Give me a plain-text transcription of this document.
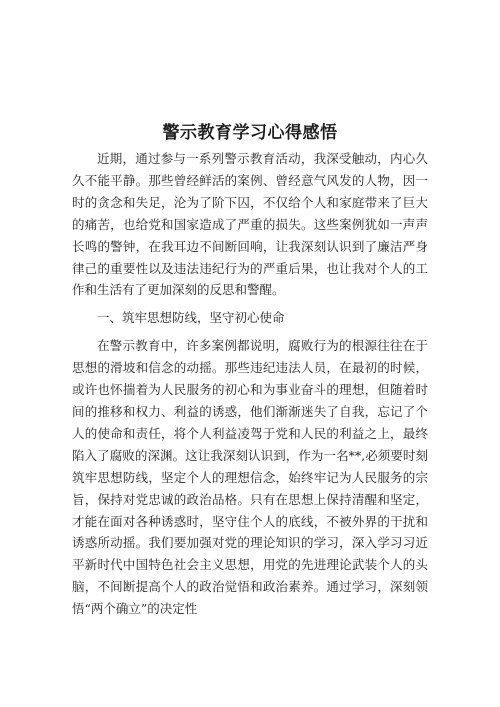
警示教育学习心得感悟

近期，通过参与一系列警示教育活动，我深受触动，内心久久不能平静。那些曾经鲜活的案例、曾经意气风发的人物，因一时的贪念和失足，沦为了阶下囚，不仅给个人和家庭带来了巨大的痛苦，也给党和国家造成了严重的损失。这些案例犹如一声声长鸣的警钟，在我耳边不间断回响，让我深刻认识到了廉洁严身律己的重要性以及违法违纪行为的严重后果，也让我对个人的工作和生活有了更加深刻的反思和警醒。

一、筑牢思想防线，坚守初心使命

在警示教育中，许多案例都说明，腐败行为的根源往往在于思想的滑坡和信念的动摇。那些违纪违法人员，在最初的时候，或许也怀揣着为人民服务的初心和为事业奋斗的理想，但随着时间的推移和权力、利益的诱惑，他们渐渐迷失了自我，忘记了个人的使命和责任，将个人利益凌驾于党和人民的利益之上，最终陷入了腐败的深渊。这让我深刻认识到，作为一名**,必须要时刻筑牢思想防线，坚定个人的理想信念，始终牢记为人民服务的宗旨，保持对党忠诚的政治品格。只有在思想上保持清醒和坚定，才能在面对各种诱惑时，坚守住个人的底线，不被外界的干扰和诱惑所动摇。我们要加强对党的理论知识的学习，深入学习习近平新时代中国特色社会主义思想，用党的先进理论武装个人的头脑，不间断提高个人的政治觉悟和政治素养。通过学习，深刻领悟“两个确立”的决定性
